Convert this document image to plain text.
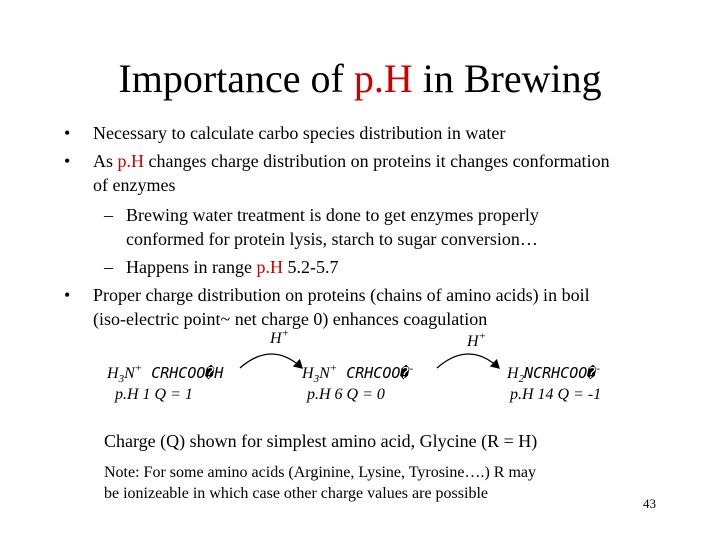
Importance of p.H in Brewing
• Necessary to calculate carbo species distribution in water
• As p.H changes charge distribution on proteins it changes conformation
of enzymes
– Brewing water treatment is done to get enzymes properly
conformed for protein lysis, starch to sugar conversion…
– Happens in range p.H 5.2-5.7
• Proper charge distribution on proteins (chains of amino acids) in boil
(iso-electric point~ net charge 0) enhances coagulation
H+	H+
$H_3N^+$ CRHCOO�H
p.H 1 Q = 1
$H_3N^+$ CRHCOO�-
p.H 6 Q = 0
$H_2NCRHCOO�^-$
p.H 14 Q = -1
Charge (Q) shown for simplest amino acid, Glycine (R = H)
Note: For some amino acids (Arginine, Lysine, Tyrosine….) R may
be ionizeable in which case other charge values are possible
43
